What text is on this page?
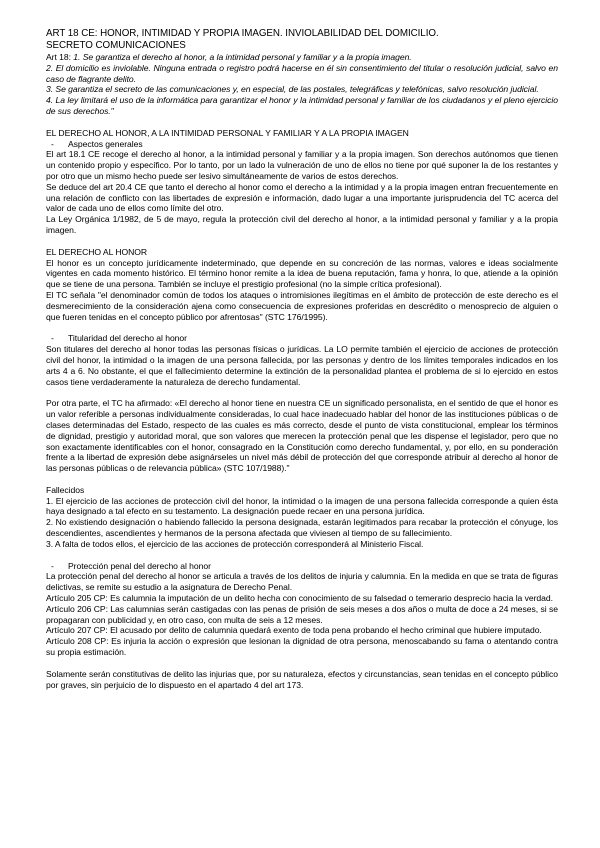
ART 18 CE: HONOR, INTIMIDAD Y PROPIA IMAGEN. INVIOLABILIDAD DEL DOMICILIO.

SECRETO COMUNICACIONES

Art 18: 1. Se garantiza el derecho al honor, a la intimidad personal y familiar y a la propia imagen.

2. El domicilio es inviolable. Ninguna entrada o registro podrá hacerse en él sin consentimiento del titular o resolución judicial, salvo en caso de flagrante delito.

3. Se garantiza el secreto de las comunicaciones y, en especial, de las postales, telegráficas y telefónicas, salvo resolución judicial.

4. La ley limitará el uso de la informática para garantizar el honor y la intimidad personal y familiar de los ciudadanos y el pleno ejercicio de sus derechos."

EL DERECHO AL HONOR, A LA INTIMIDAD PERSONAL Y FAMILIAR Y A LA PROPIA IMAGEN

-	Aspectos generales

El art 18.1 CE recoge el derecho al honor, a la intimidad personal y familiar y a la propia imagen. Son derechos autónomos que tienen un contenido propio y específico. Por lo tanto, por un lado la vulneración de uno de ellos no tiene por qué suponer la de los restantes y por otro que un mismo hecho puede ser lesivo simultáneamente de varios de estos derechos.

Se deduce del art 20.4 CE que tanto el derecho al honor como el derecho a la intimidad y a la propia imagen entran frecuentemente en una relación de conflicto con las libertades de expresión e información, dado lugar a una importante jurisprudencia del TC acerca del valor de cada uno de ellos como límite del otro.

La Ley Orgánica 1/1982, de 5 de mayo, regula la protección civil del derecho al honor, a la intimidad personal y familiar y a la propia imagen.

EL DERECHO AL HONOR

El honor es un concepto jurídicamente indeterminado, que depende en su concreción de las normas, valores e ideas socialmente vigentes en cada momento histórico. El término honor remite a la idea de buena reputación, fama y honra, lo que, atiende a la opinión que se tiene de una persona. También se incluye el prestigio profesional (no la simple crítica profesional).

El TC señala "el denominador común de todos los ataques o intromisiones ilegítimas en el ámbito de protección de este derecho es el desmerecimiento de la consideración ajena como consecuencia de expresiones proferidas en descrédito o menosprecio de alguien o que fueren tenidas en el concepto público por afrentosas" (STC 176/1995).

-	Titularidad del derecho al honor

Son titulares del derecho al honor todas las personas físicas o jurídicas. La LO permite también el ejercicio de acciones de protección civil del honor, la intimidad o la imagen de una persona fallecida, por las personas y dentro de los límites temporales indicados en los arts 4 a 6. No obstante, el que el fallecimiento determine la extinción de la personalidad plantea el problema de si lo ejercido en estos casos tiene verdaderamente la naturaleza de derecho fundamental.

Por otra parte, el TC ha afirmado: «El derecho al honor tiene en nuestra CE un significado personalista, en el sentido de que el honor es un valor referible a personas individualmente consideradas, lo cual hace inadecuado hablar del honor de las instituciones públicas o de clases determinadas del Estado, respecto de las cuales es más correcto, desde el punto de vista constitucional, emplear los términos de dignidad, prestigio y autoridad moral, que son valores que merecen la protección penal que les dispense el legislador, pero que no son exactamente identificables con el honor, consagrado en la Constitución como derecho fundamental, y, por ello, en su ponderación frente a la libertad de expresión debe asignárseles un nivel más débil de protección del que corresponde atribuir al derecho al honor de las personas públicas o de relevancia pública» (STC 107/1988)."

Fallecidos

1. El ejercicio de las acciones de protección civil del honor, la intimidad o la imagen de una persona fallecida corresponde a quien ésta haya designado a tal efecto en su testamento. La designación puede recaer en una persona jurídica.

2. No existiendo designación o habiendo fallecido la persona designada, estarán legitimados para recabar la protección el cónyuge, los descendientes, ascendientes y hermanos de la persona afectada que viviesen al tiempo de su fallecimiento.

3. A falta de todos ellos, el ejercicio de las acciones de protección corresponderá al Ministerio Fiscal.

-	Protección penal del derecho al honor

La protección penal del derecho al honor se articula a través de los delitos de injuria y calumnia. En la medida en que se trata de figuras delictivas, se remite su estudio a la asignatura de Derecho Penal.

Artículo 205 CP: Es calumnia la imputación de un delito hecha con conocimiento de su falsedad o temerario desprecio hacia la verdad.

Artículo 206 CP: Las calumnias serán castigadas con las penas de prisión de seis meses a dos años o multa de doce a 24 meses, si se propagaran con publicidad y, en otro caso, con multa de seis a 12 meses.

Artículo 207 CP: El acusado por delito de calumnia quedará exento de toda pena probando el hecho criminal que hubiere imputado.

Artículo 208 CP: Es injuria la acción o expresión que lesionan la dignidad de otra persona, menoscabando su fama o atentando contra su propia estimación.

Solamente serán constitutivas de delito las injurias que, por su naturaleza, efectos y circunstancias, sean tenidas en el concepto público por graves, sin perjuicio de lo dispuesto en el apartado 4 del art 173.
